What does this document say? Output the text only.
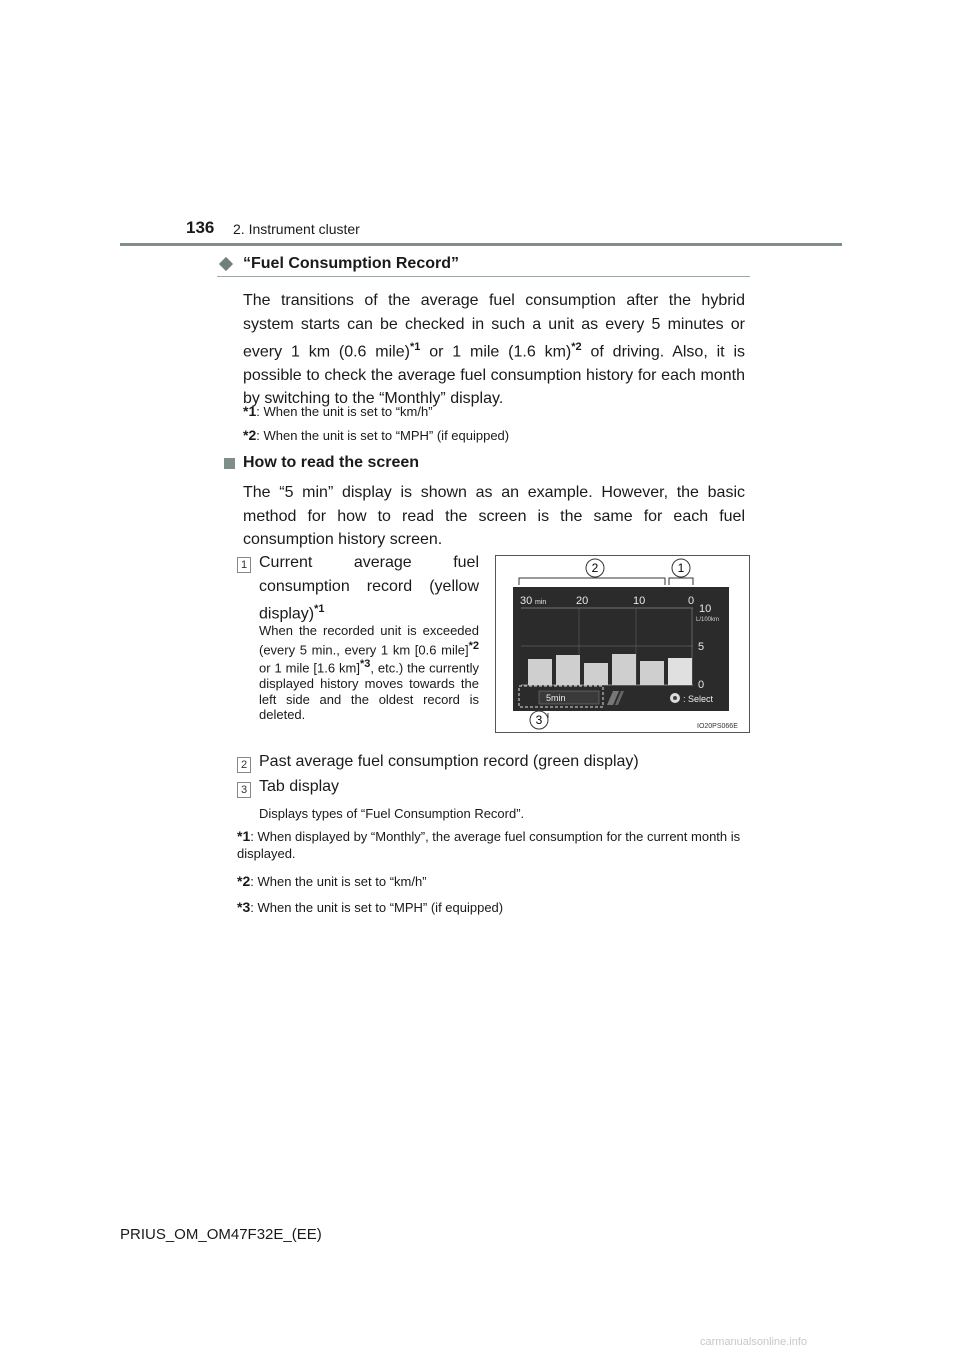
136 2. Instrument cluster
“Fuel Consumption Record”
The transitions of the average fuel consumption after the hybrid system starts can be checked in such a unit as every 5 minutes or every 1 km (0.6 mile)$^{*1}$ or 1 mile (1.6 km)$^{*2}$ of driving. Also, it is possible to check the average fuel consumption history for each month by switching to the “Monthly” display.
*1: When the unit is set to “km/h”
*2: When the unit is set to “MPH” (if equipped)
How to read the screen
The “5 min” display is shown as an example. However, the basic method for how to read the screen is the same for each fuel consumption history screen.
1 Current average fuel consumption record (yellow display)$^{*1}$
When the recorded unit is exceeded (every 5 min., every 1 km [0.6 mile]$^{*2}$ or 1 mile [1.6 km]$^{*3}$, etc.) the currently displayed history moves towards the left side and the oldest record is deleted.
2	1
30 min	20	10	0
10
L/100km
5
0
5min	: Select
3	IO20PS066E
2 Past average fuel consumption record (green display)
3 Tab display
Displays types of “Fuel Consumption Record”.
*1: When displayed by “Monthly”, the average fuel consumption for the current month is displayed.
*2: When the unit is set to “km/h”
*3: When the unit is set to “MPH” (if equipped)
PRIUS_OM_OM47F32E_(EE)
carmanualsonline.info
